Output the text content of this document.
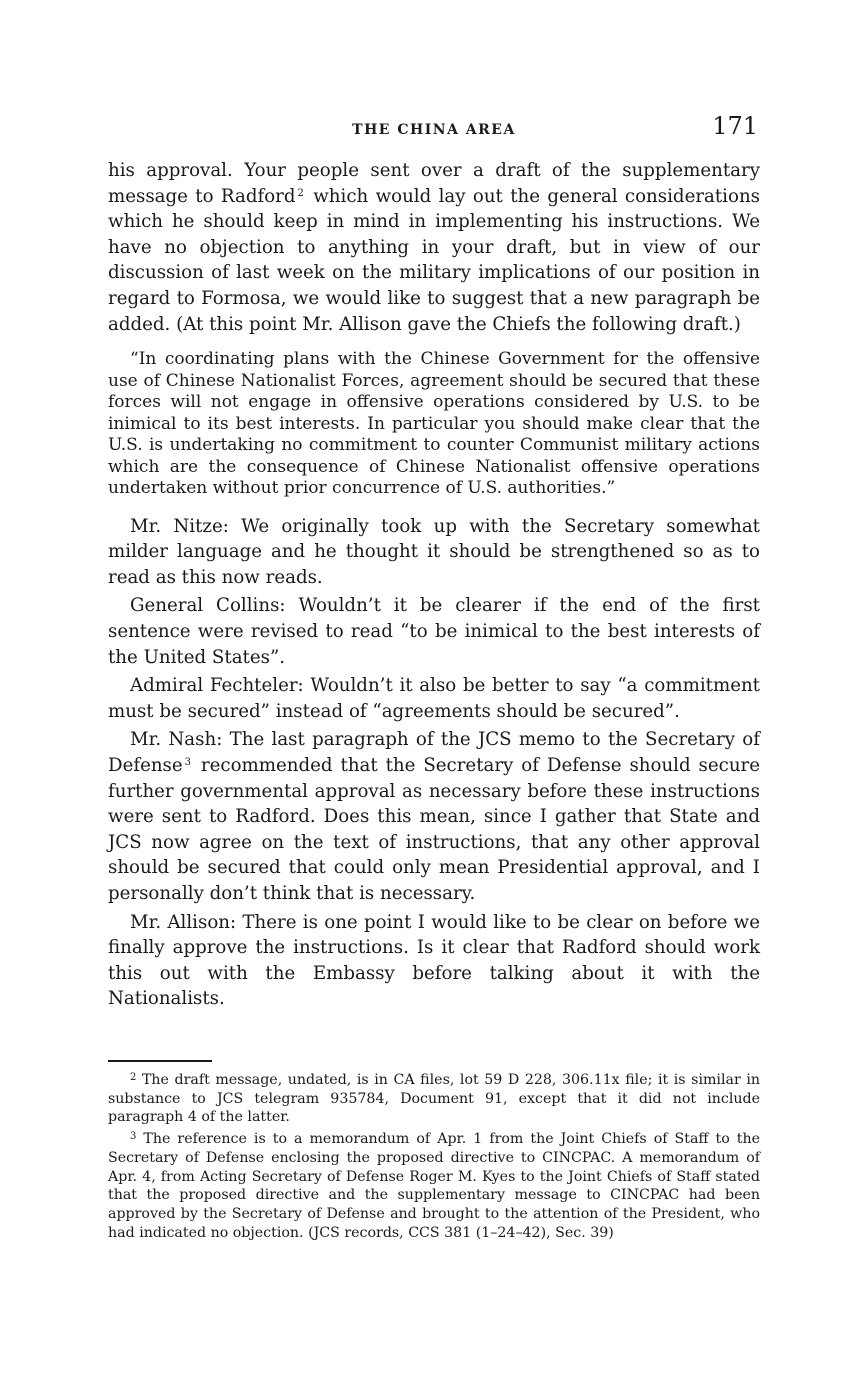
THE CHINA AREA	171

his approval. Your people sent over a draft of the supplementary message to Radford $^2$ which would lay out the general considerations which he should keep in mind in implementing his instructions. We have no objection to anything in your draft, but in view of our discussion of last week on the military implications of our position in regard to Formosa, we would like to suggest that a new paragraph be added. (At this point Mr. Allison gave the Chiefs the following draft.)

“In coordinating plans with the Chinese Government for the offensive use of Chinese Nationalist Forces, agreement should be secured that these forces will not engage in offensive operations considered by U.S. to be inimical to its best interests. In particular you should make clear that the U.S. is undertaking no commitment to counter Communist military actions which are the consequence of Chinese Nationalist offensive operations undertaken without prior concurrence of U.S. authorities.”

Mr. Nitze: We originally took up with the Secretary somewhat milder language and he thought it should be strengthened so as to read as this now reads.

General Collins: Wouldn’t it be clearer if the end of the first sentence were revised to read “to be inimical to the best interests of the United States”.

Admiral Fechteler: Wouldn’t it also be better to say “a commitment must be secured” instead of “agreements should be secured”.

Mr. Nash: The last paragraph of the JCS memo to the Secretary of Defense $^3$ recommended that the Secretary of Defense should secure further governmental approval as necessary before these instructions were sent to Radford. Does this mean, since I gather that State and JCS now agree on the text of instructions, that any other approval should be secured that could only mean Presidential approval, and I personally don’t think that is necessary.

Mr. Allison: There is one point I would like to be clear on before we finally approve the instructions. Is it clear that Radford should work this out with the Embassy before talking about it with the Nationalists.

$^2$ The draft message, undated, is in CA files, lot 59 D 228, 306.11x file; it is similar in substance to JCS telegram 935784, Document 91, except that it did not include paragraph 4 of the latter.

$^3$ The reference is to a memorandum of Apr. 1 from the Joint Chiefs of Staff to the Secretary of Defense enclosing the proposed directive to CINCPAC. A memorandum of Apr. 4, from Acting Secretary of Defense Roger M. Kyes to the Joint Chiefs of Staff stated that the proposed directive and the supplementary message to CINCPAC had been approved by the Secretary of Defense and brought to the attention of the President, who had indicated no objection. (JCS records, CCS 381 (1–24–42), Sec. 39)
